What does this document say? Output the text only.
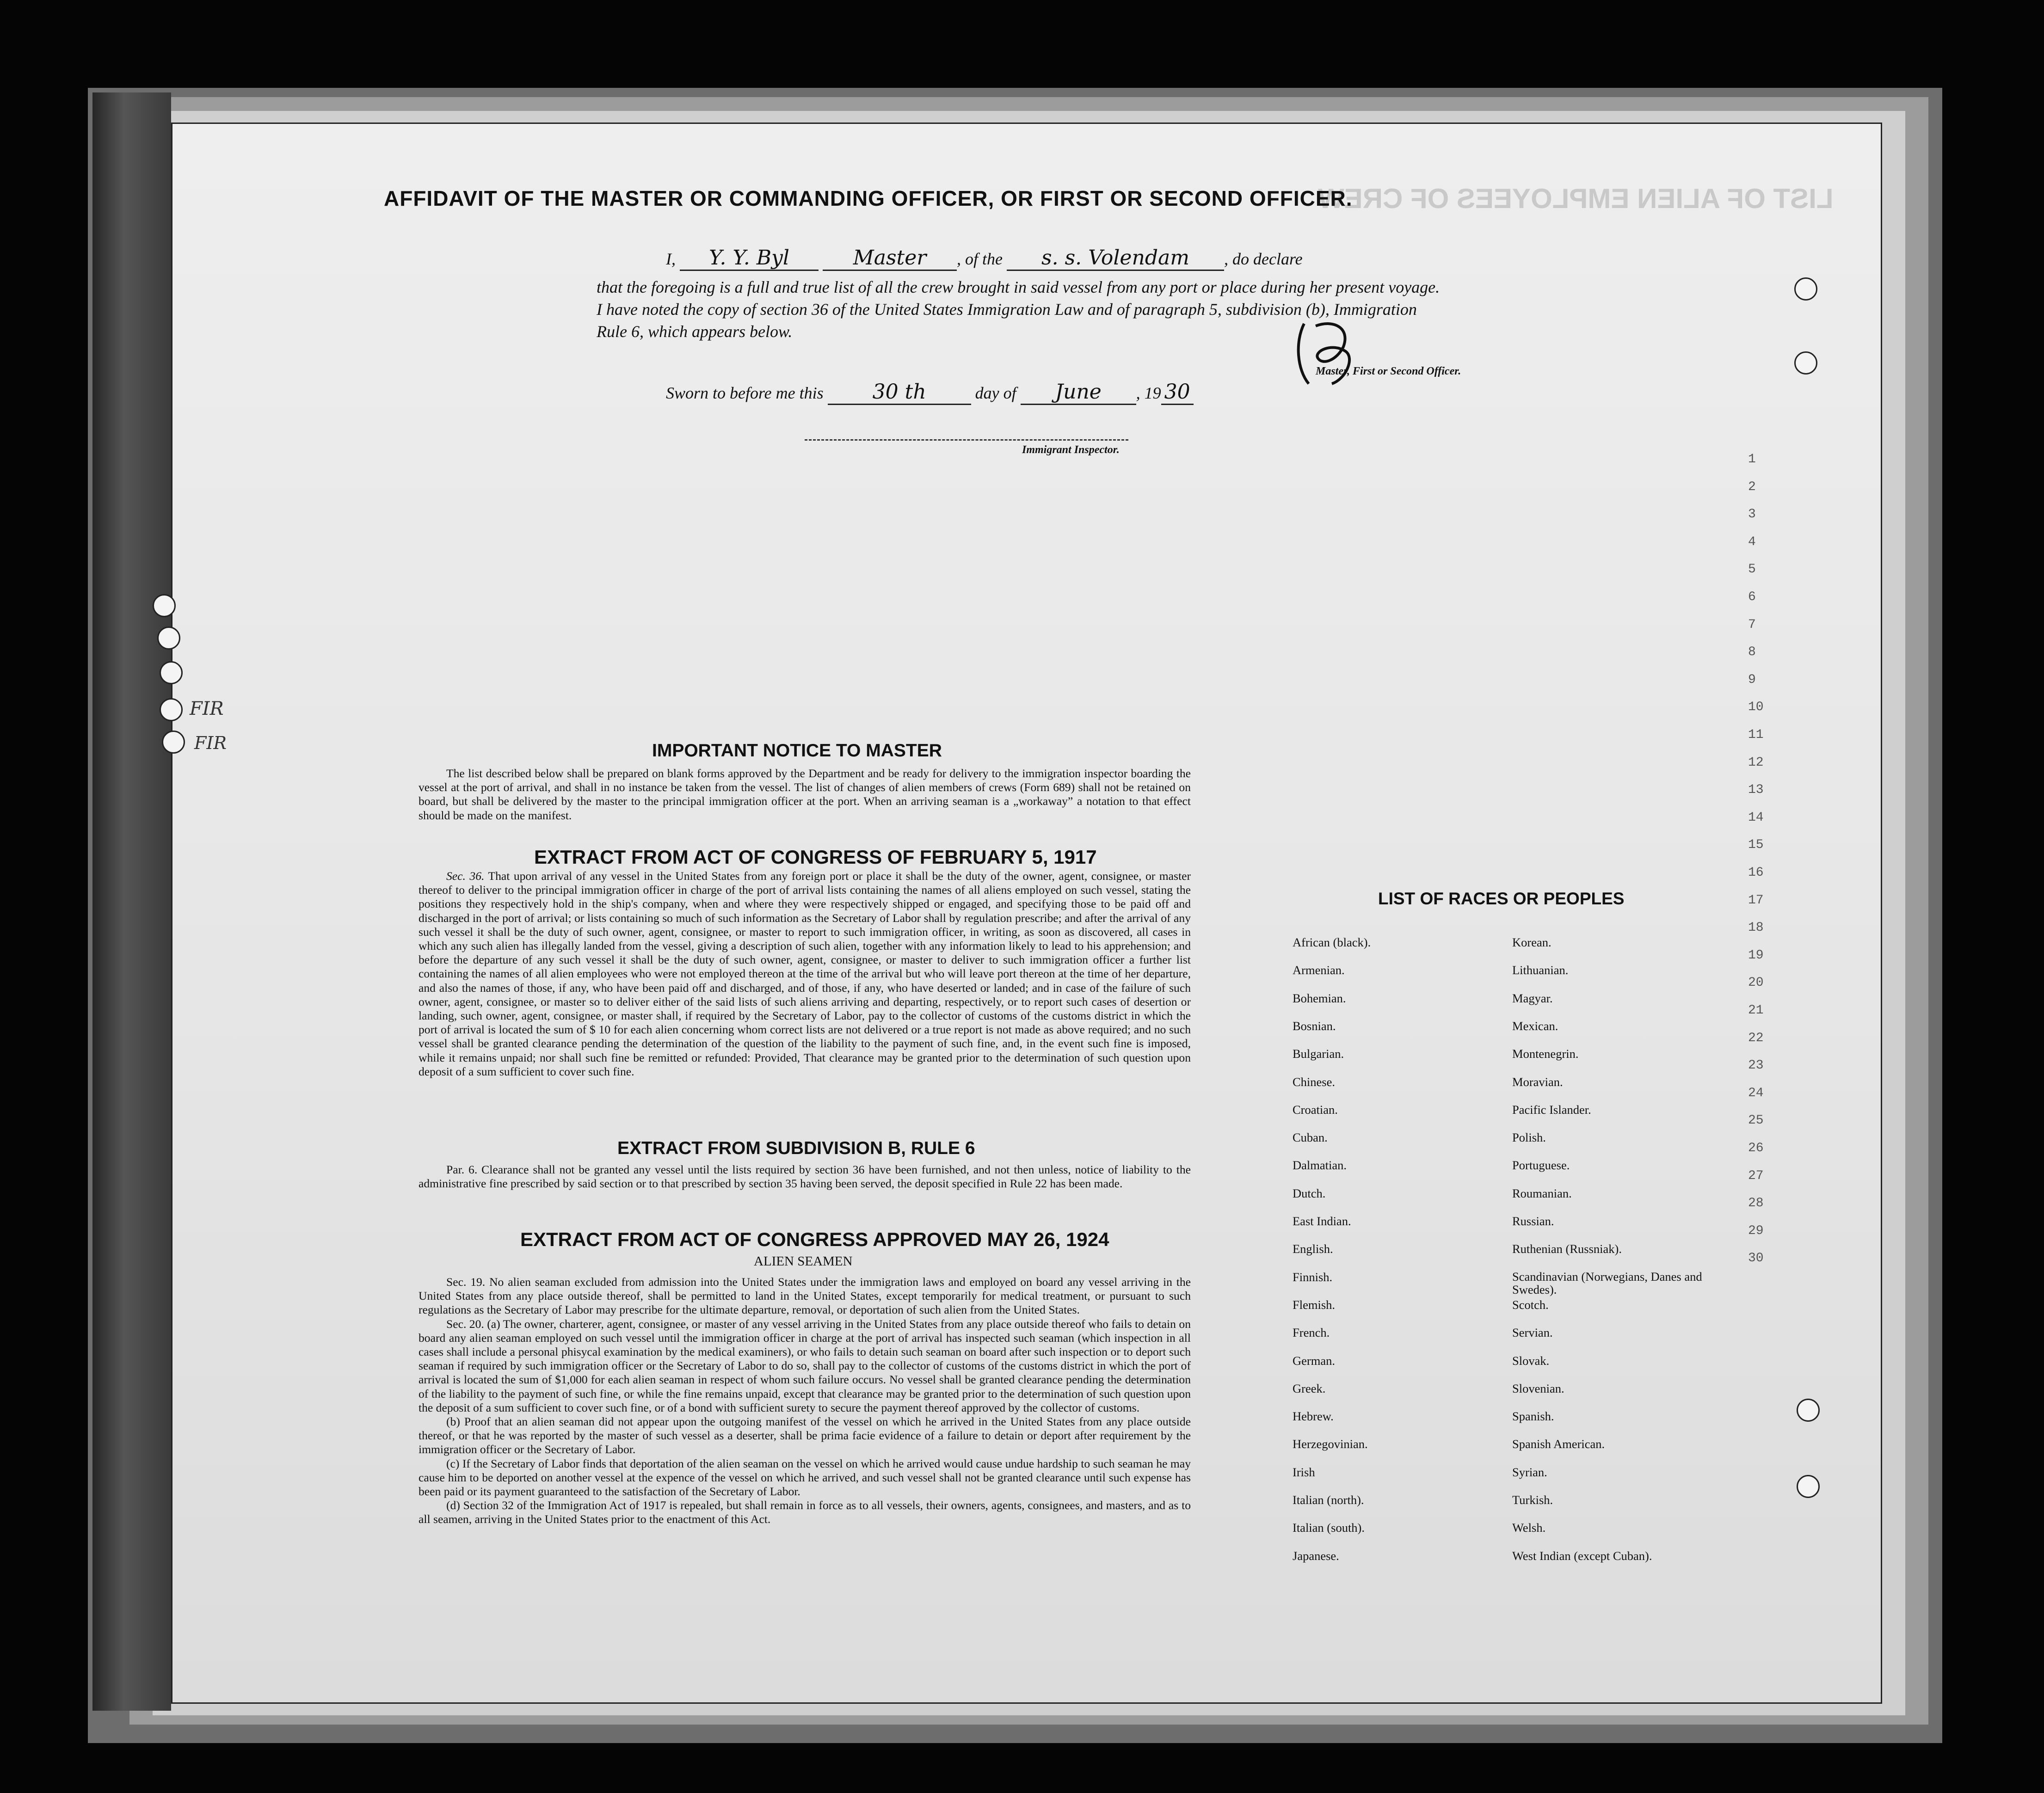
LIST OF ALIEN EMPLOYEES OF CREW
1
2
3
4
5
6
7
8
9
10
11
12
13
14
15
16
17
18
19
20
21
22
23
24
25
26
27
28
29
30
AFFIDAVIT OF THE MASTER OR COMMANDING OFFICER, OR FIRST OR SECOND OFFICER.
I, Y. Y. Byl	Master , of the s. s. Volendam , do declare
that the foregoing is a full and true list of all the crew brought in said vessel from any port or place during her present voyage.
I have noted the copy of section 36 of the United States Immigration Law and of paragraph 5, subdivision (b), Immigration
Rule 6, which appears below.
Master, First or Second Officer.
Sworn to before me this 30 th	day of June , 19 30
Immigrant Inspector.
IMPORTANT NOTICE TO MASTER
The list described below shall be prepared on blank forms approved by the Department and be ready for delivery to the immigration inspector boarding the vessel at the port of arrival, and shall in no instance be taken from the vessel. The list of changes of alien members of crews (Form 689) shall not be retained on board, but shall be delivered by the master to the principal immigration officer at the port. When an arriving seaman is a „workaway” a notation to that effect should be made on the manifest.
EXTRACT FROM ACT OF CONGRESS OF FEBRUARY 5, 1917
Sec. 36. That upon arrival of any vessel in the United States from any foreign port or place it shall be the duty of the owner, agent, consignee, or master thereof to deliver to the principal immigration officer in charge of the port of arrival lists containing the names of all aliens employed on such vessel, stating the positions they respectively hold in the ship's company, when and where they were respectively shipped or engaged, and specifying those to be paid off and discharged in the port of arrival; or lists containing so much of such information as the Secretary of Labor shall by regulation prescribe; and after the arrival of any such vessel it shall be the duty of such owner, agent, consignee, or master to report to such immigration officer, in writing, as soon as discovered, all cases in which any such alien has illegally landed from the vessel, giving a description of such alien, together with any information likely to lead to his apprehension; and before the departure of any such vessel it shall be the duty of such owner, agent, consignee, or master to deliver to such immigration officer a further list containing the names of all alien employees who were not employed thereon at the time of the arrival but who will leave port thereon at the time of her departure, and also the names of those, if any, who have been paid off and discharged, and of those, if any, who have deserted or landed; and in case of the failure of such owner, agent, consignee, or master so to deliver either of the said lists of such aliens arriving and departing, respectively, or to report such cases of desertion or landing, such owner, agent, consignee, or master shall, if required by the Secretary of Labor, pay to the collector of customs of the customs district in which the port of arrival is located the sum of $ 10 for each alien concerning whom correct lists are not delivered or a true report is not made as above required; and no such vessel shall be granted clearance pending the determination of the question of the liability to the payment of such fine, and, in the event such fine is imposed, while it remains unpaid; nor shall such fine be remitted or refunded: Provided, That clearance may be granted prior to the determination of such question upon deposit of a sum sufficient to cover such fine.
EXTRACT FROM SUBDIVISION B, RULE 6
Par. 6. Clearance shall not be granted any vessel until the lists required by section 36 have been furnished, and not then unless, notice of liability to the administrative fine prescribed by said section or to that prescribed by section 35 having been served, the deposit specified in Rule 22 has been made.
EXTRACT FROM ACT OF CONGRESS APPROVED MAY 26, 1924
ALIEN SEAMEN

Sec. 19. No alien seaman excluded from admission into the United States under the immigration laws and employed on board any vessel arriving in the United States from any place outside thereof, shall be permitted to land in the United States, except temporarily for medical treatment, or pursuant to such regulations as the Secretary of Labor may prescribe for the ultimate departure, removal, or deportation of such alien from the United States.

Sec. 20. (a) The owner, charterer, agent, consignee, or master of any vessel arriving in the United States from any place outside thereof who fails to detain on board any alien seaman employed on such vessel until the immigration officer in charge at the port of arrival has inspected such seaman (which inspection in all cases shall include a personal phisycal examination by the medical examiners), or who fails to detain such seaman on board after such inspection or to deport such seaman if required by such immigration officer or the Secretary of Labor to do so, shall pay to the collector of customs of the customs district in which the port of arrival is located the sum of $1,000 for each alien seaman in respect of whom such failure occurs. No vessel shall be granted clearance pending the determination of the liability to the payment of such fine, or while the fine remains unpaid, except that clearance may be granted prior to the determination of such question upon the deposit of a sum sufficient to cover such fine, or of a bond with sufficient surety to secure the payment thereof approved by the collector of customs.

(b) Proof that an alien seaman did not appear upon the outgoing manifest of the vessel on which he arrived in the United States from any place outside thereof, or that he was reported by the master of such vessel as a deserter, shall be prima facie evidence of a failure to detain or deport after requirement by the immigration officer or the Secretary of Labor.

(c) If the Secretary of Labor finds that deportation of the alien seaman on the vessel on which he arrived would cause undue hardship to such seaman he may cause him to be deported on another vessel at the expence of the vessel on which he arrived, and such vessel shall not be granted clearance until such expense has been paid or its payment guaranteed to the satisfaction of the Secretary of Labor.

(d) Section 32 of the Immigration Act of 1917 is repealed, but shall remain in force as to all vessels, their owners, agents, consignees, and masters, and as to all seamen, arriving in the United States prior to the enactment of this Act.

LIST OF RACES OR PEOPLES
African (black).
Armenian.
Bohemian.
Bosnian.
Bulgarian.
Chinese.
Croatian.
Cuban.
Dalmatian.
Dutch.
East Indian.
English.
Finnish.
Flemish.
French.
German.
Greek.
Hebrew.
Herzegovinian.
Irish
Italian (north).
Italian (south).
Japanese.
Korean.
Lithuanian.
Magyar.
Mexican.
Montenegrin.
Moravian.
Pacific Islander.
Polish.
Portuguese.
Roumanian.
Russian.
Ruthenian (Russniak).
Scandinavian (Norwegians, Danes and Swedes).
Scotch.
Servian.
Slovak.
Slovenian.
Spanish.
Spanish American.
Syrian.
Turkish.
Welsh.
West Indian (except Cuban).
FIR
FIR
